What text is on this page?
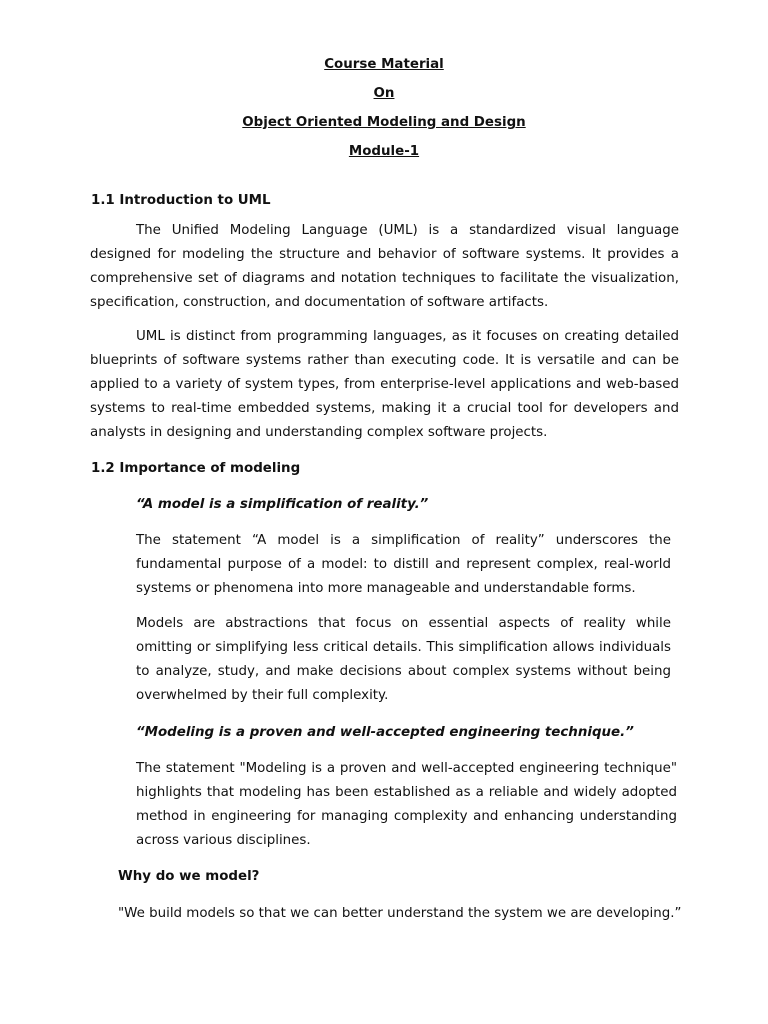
Course Material
On
Object Oriented Modeling and Design
Module-1
1.1 Introduction to UML

The Unified Modeling Language (UML) is a standardized visual language designed for modeling the structure and behavior of software systems. It provides a comprehensive set of diagrams and notation techniques to facilitate the visualization, specification, construction, and documentation of software artifacts.

UML is distinct from programming languages, as it focuses on creating detailed blueprints of software systems rather than executing code. It is versatile and can be applied to a variety of system types, from enterprise-level applications and web-based systems to real-time embedded systems, making it a crucial tool for developers and analysts in designing and understanding complex software projects.

1.2 Importance of modeling
“A model is a simplification of reality.”

The statement “A model is a simplification of reality” underscores the fundamental purpose of a model: to distill and represent complex, real-world systems or phenomena into more manageable and understandable forms.

Models are abstractions that focus on essential aspects of reality while omitting or simplifying less critical details. This simplification allows individuals to analyze, study, and make decisions about complex systems without being overwhelmed by their full complexity.

“Modeling is a proven and well-accepted engineering technique.”

The statement "Modeling is a proven and well-accepted engineering technique" highlights that modeling has been established as a reliable and widely adopted method in engineering for managing complexity and enhancing understanding across various disciplines.

Why do we model?
"We build models so that we can better understand the system we are developing.”
